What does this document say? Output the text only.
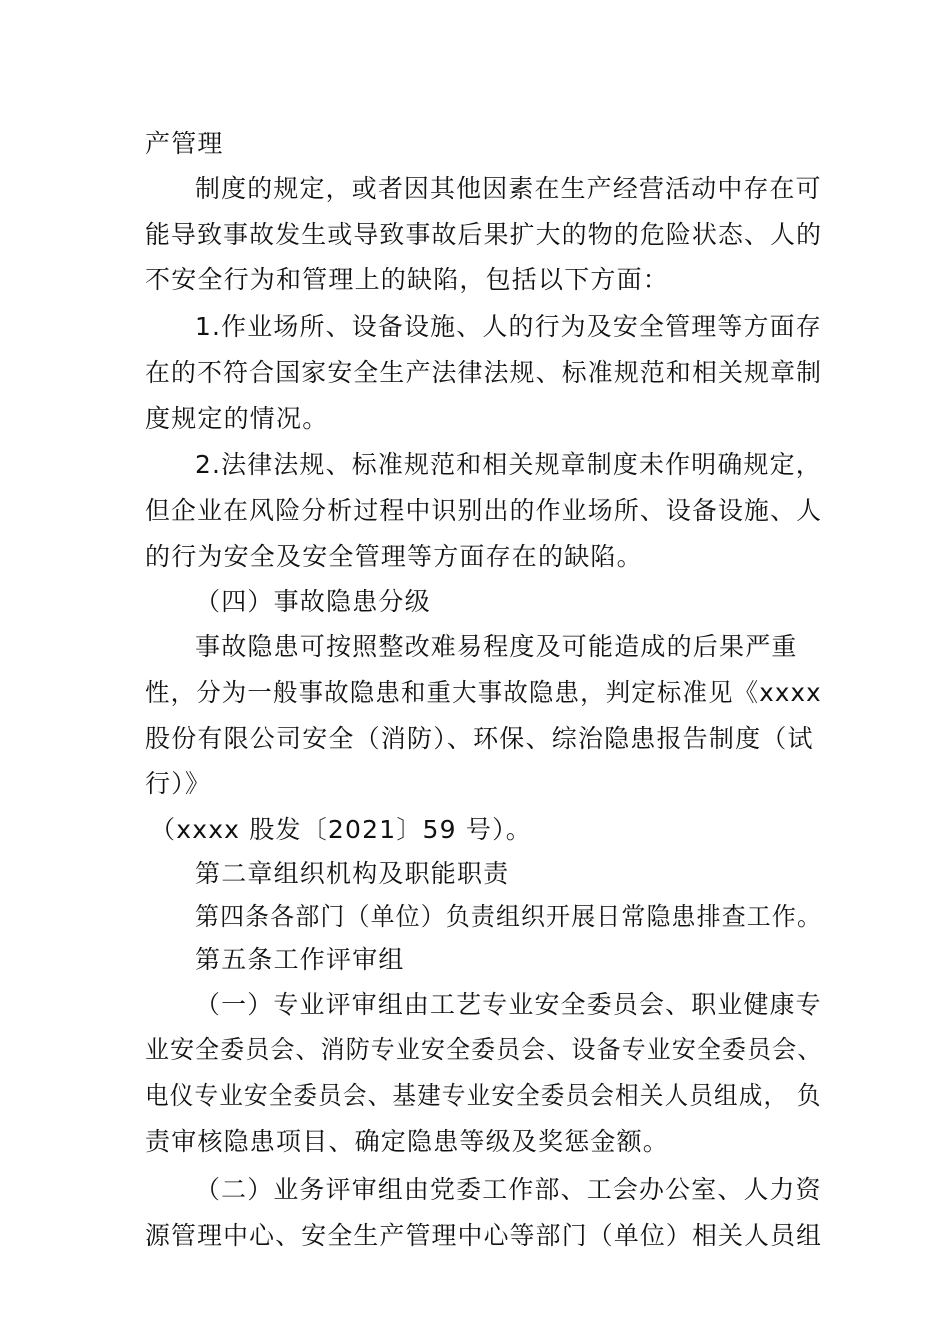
产管理
制度的规定，或者因其他因素在生产经营活动中存在可
能导致事故发生或导致事故后果扩大的物的危险状态、人的
不安全行为和管理上的缺陷，包括以下方面：
1.作业场所、设备设施、人的行为及安全管理等方面存
在的不符合国家安全生产法律法规、标准规范和相关规章制
度规定的情况。
2.法律法规、标准规范和相关规章制度未作明确规定，
但企业在风险分析过程中识别出的作业场所、设备设施、人
的行为安全及安全管理等方面存在的缺陷。
（四）事故隐患分级
事故隐患可按照整改难易程度及可能造成的后果严重
性，分为一般事故隐患和重大事故隐患，判定标准见《xxxx
股份有限公司安全（消防）、环保、综治隐患报告制度（试
行）》
（xxxx 股发〔2021〕59 号）。
第二章组织机构及职能职责
第四条各部门（单位）负责组织开展日常隐患排查工作。
第五条工作评审组
（一）专业评审组由工艺专业安全委员会、职业健康专
业安全委员会、消防专业安全委员会、设备专业安全委员会、
电仪专业安全委员会、基建专业安全委员会相关人员组成， 负
责审核隐患项目、确定隐患等级及奖惩金额。
（二）业务评审组由党委工作部、工会办公室、人力资
源管理中心、安全生产管理中心等部门（单位）相关人员组
